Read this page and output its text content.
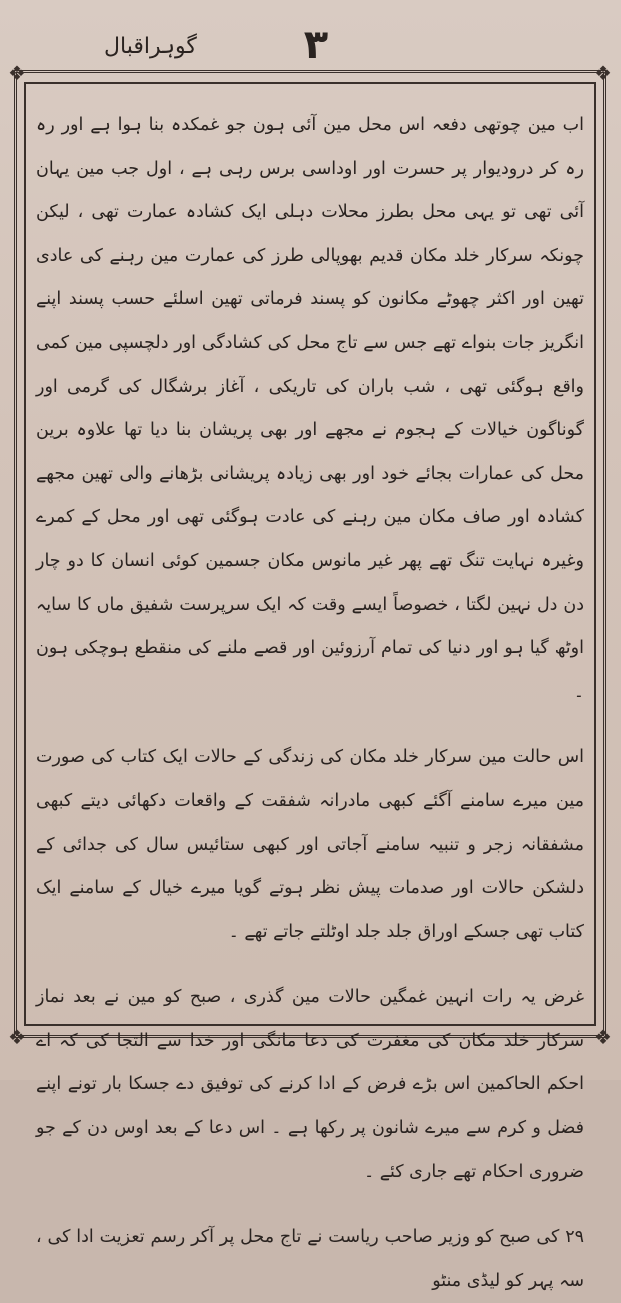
گوہراقبال	۳
❖	❖
❖	❖

اب مین چوتھی دفعہ اس محل مین آئی ہون جو غمکدہ بنا ہوا ہے اور رہ رہ کر درودیوار پر حسرت اور اوداسی برس رہی ہے ، اول جب مین یہان آئی تھی تو یہی محل بطرز محلات دہلی ایک کشادہ عمارت تھی ، لیکن چونکہ سرکار خلد مکان قدیم بھوپالی طرز کی عمارت مین رہنے کی عادی تھین اور اکثر چھوٹے مکانون کو پسند فرماتی تھین اسلئے حسب پسند اپنے انگریز جات بنواے تھے جس سے تاج محل کی کشادگی اور دلچسپی مین کمی واقع ہوگئی تھی ، شب باران کی تاریکی ، آغاز برشگال کی گرمی اور گوناگون خیالات کے ہجوم نے مجھے اور بھی پریشان بنا دیا تھا علاوہ برین محل کی عمارات بجائے خود اور بھی زیادہ پریشانی بڑھانے والی تھین مجھے کشادہ اور صاف مکان مین رہنے کی عادت ہوگئی تھی اور محل کے کمرے وغیرہ نہایت تنگ تھے پھر غیر مانوس مکان جسمین کوئی انسان کا دو چار دن دل نہین لگتا ، خصوصاً ایسے وقت کہ ایک سرپرست شفیق ماں کا سایہ اوٹھ گیا ہو اور دنیا کی تمام آرزوئین اور قصے ملنے کی منقطع ہوچکی ہون ۔

اس حالت مین سرکار خلد مکان کی زندگی کے حالات ایک کتاب کی صورت مین میرے سامنے آگئے کبھی مادرانہ شفقت کے واقعات دکھائی دیتے کبھی مشفقانہ زجر و تنبیہ سامنے آجاتی اور کبھی ستائیس سال کی جدائی کے دلشکن حالات اور صدمات پیش نظر ہوتے گویا میرے خیال کے سامنے ایک کتاب تھی جسکے اوراق جلد جلد اوٹلتے جاتے تھے ۔

غرض یہ رات انہین غمگین حالات مین گذری ، صبح کو مین نے بعد نماز سرکار خلد مکان کی مغفرت کی دعا مانگی اور خدا سے التجا کی کہ اے احکم الحاکمین اس بڑے فرض کے ادا کرنے کی توفیق دے جسکا بار تونے اپنے فضل و کرم سے میرے شانون پر رکھا ہے ۔ اس دعا کے بعد اوس دن کے جو ضروری احکام تھے جاری کئے ۔

۲۹ کی صبح کو وزیر صاحب ریاست نے تاج محل پر آکر رسم تعزیت ادا کی ، سہ پہر کو لیڈی منٹو
